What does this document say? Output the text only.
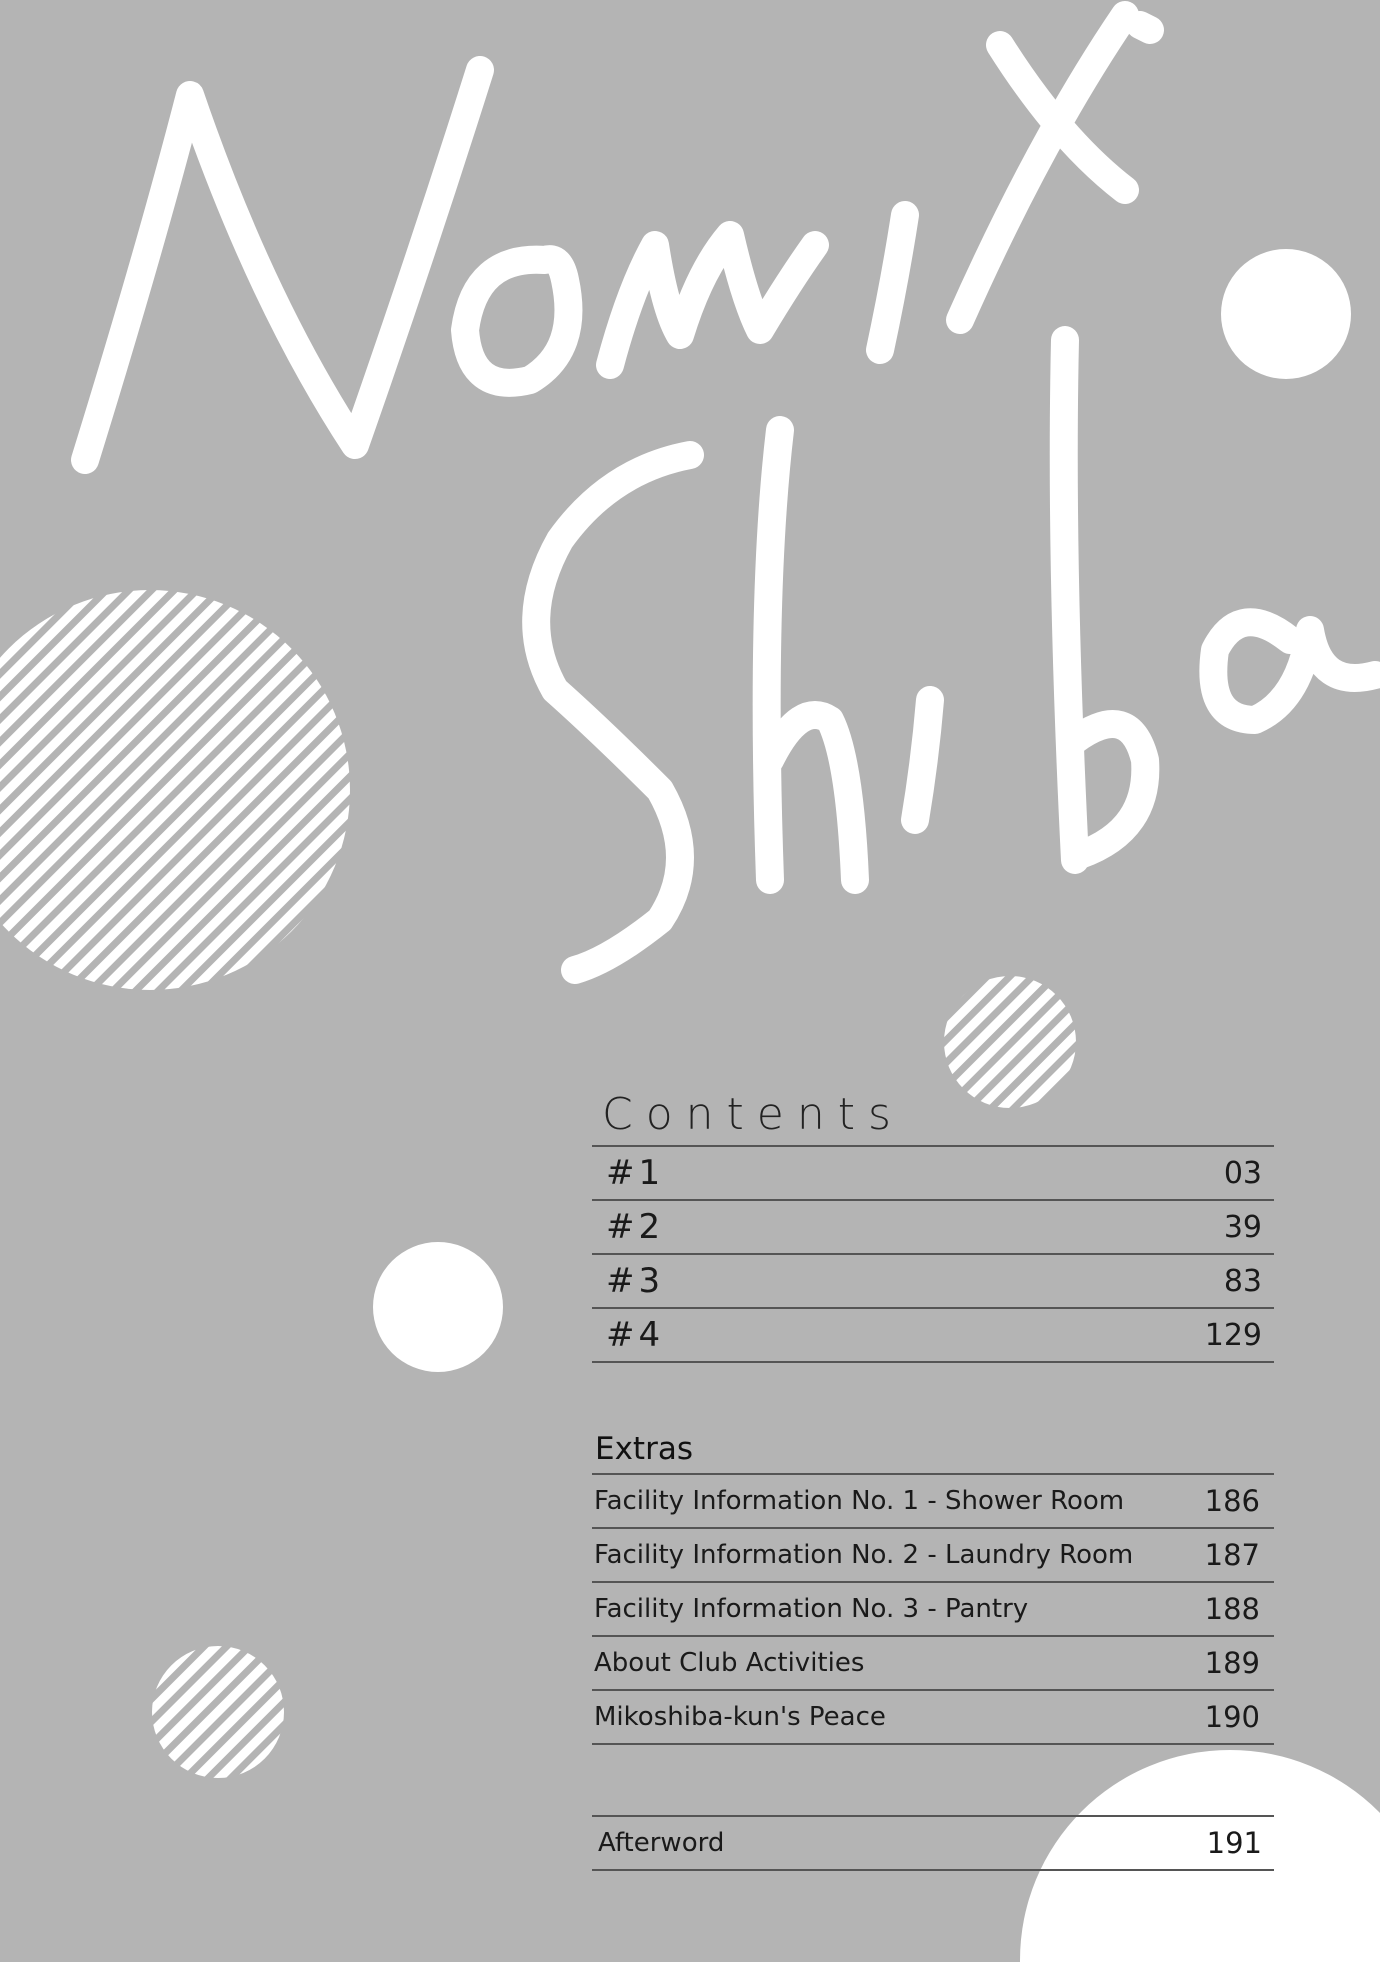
Contents
#1	03
#2	39
#3	83
#4	129
Extras
Facility Information No. 1 - Shower Room	186
Facility Information No. 2 - Laundry Room 187
Facility Information No. 3 - Pantry	188
About Club Activities	189
Mikoshiba-kun's Peace	190
Afterword	191
